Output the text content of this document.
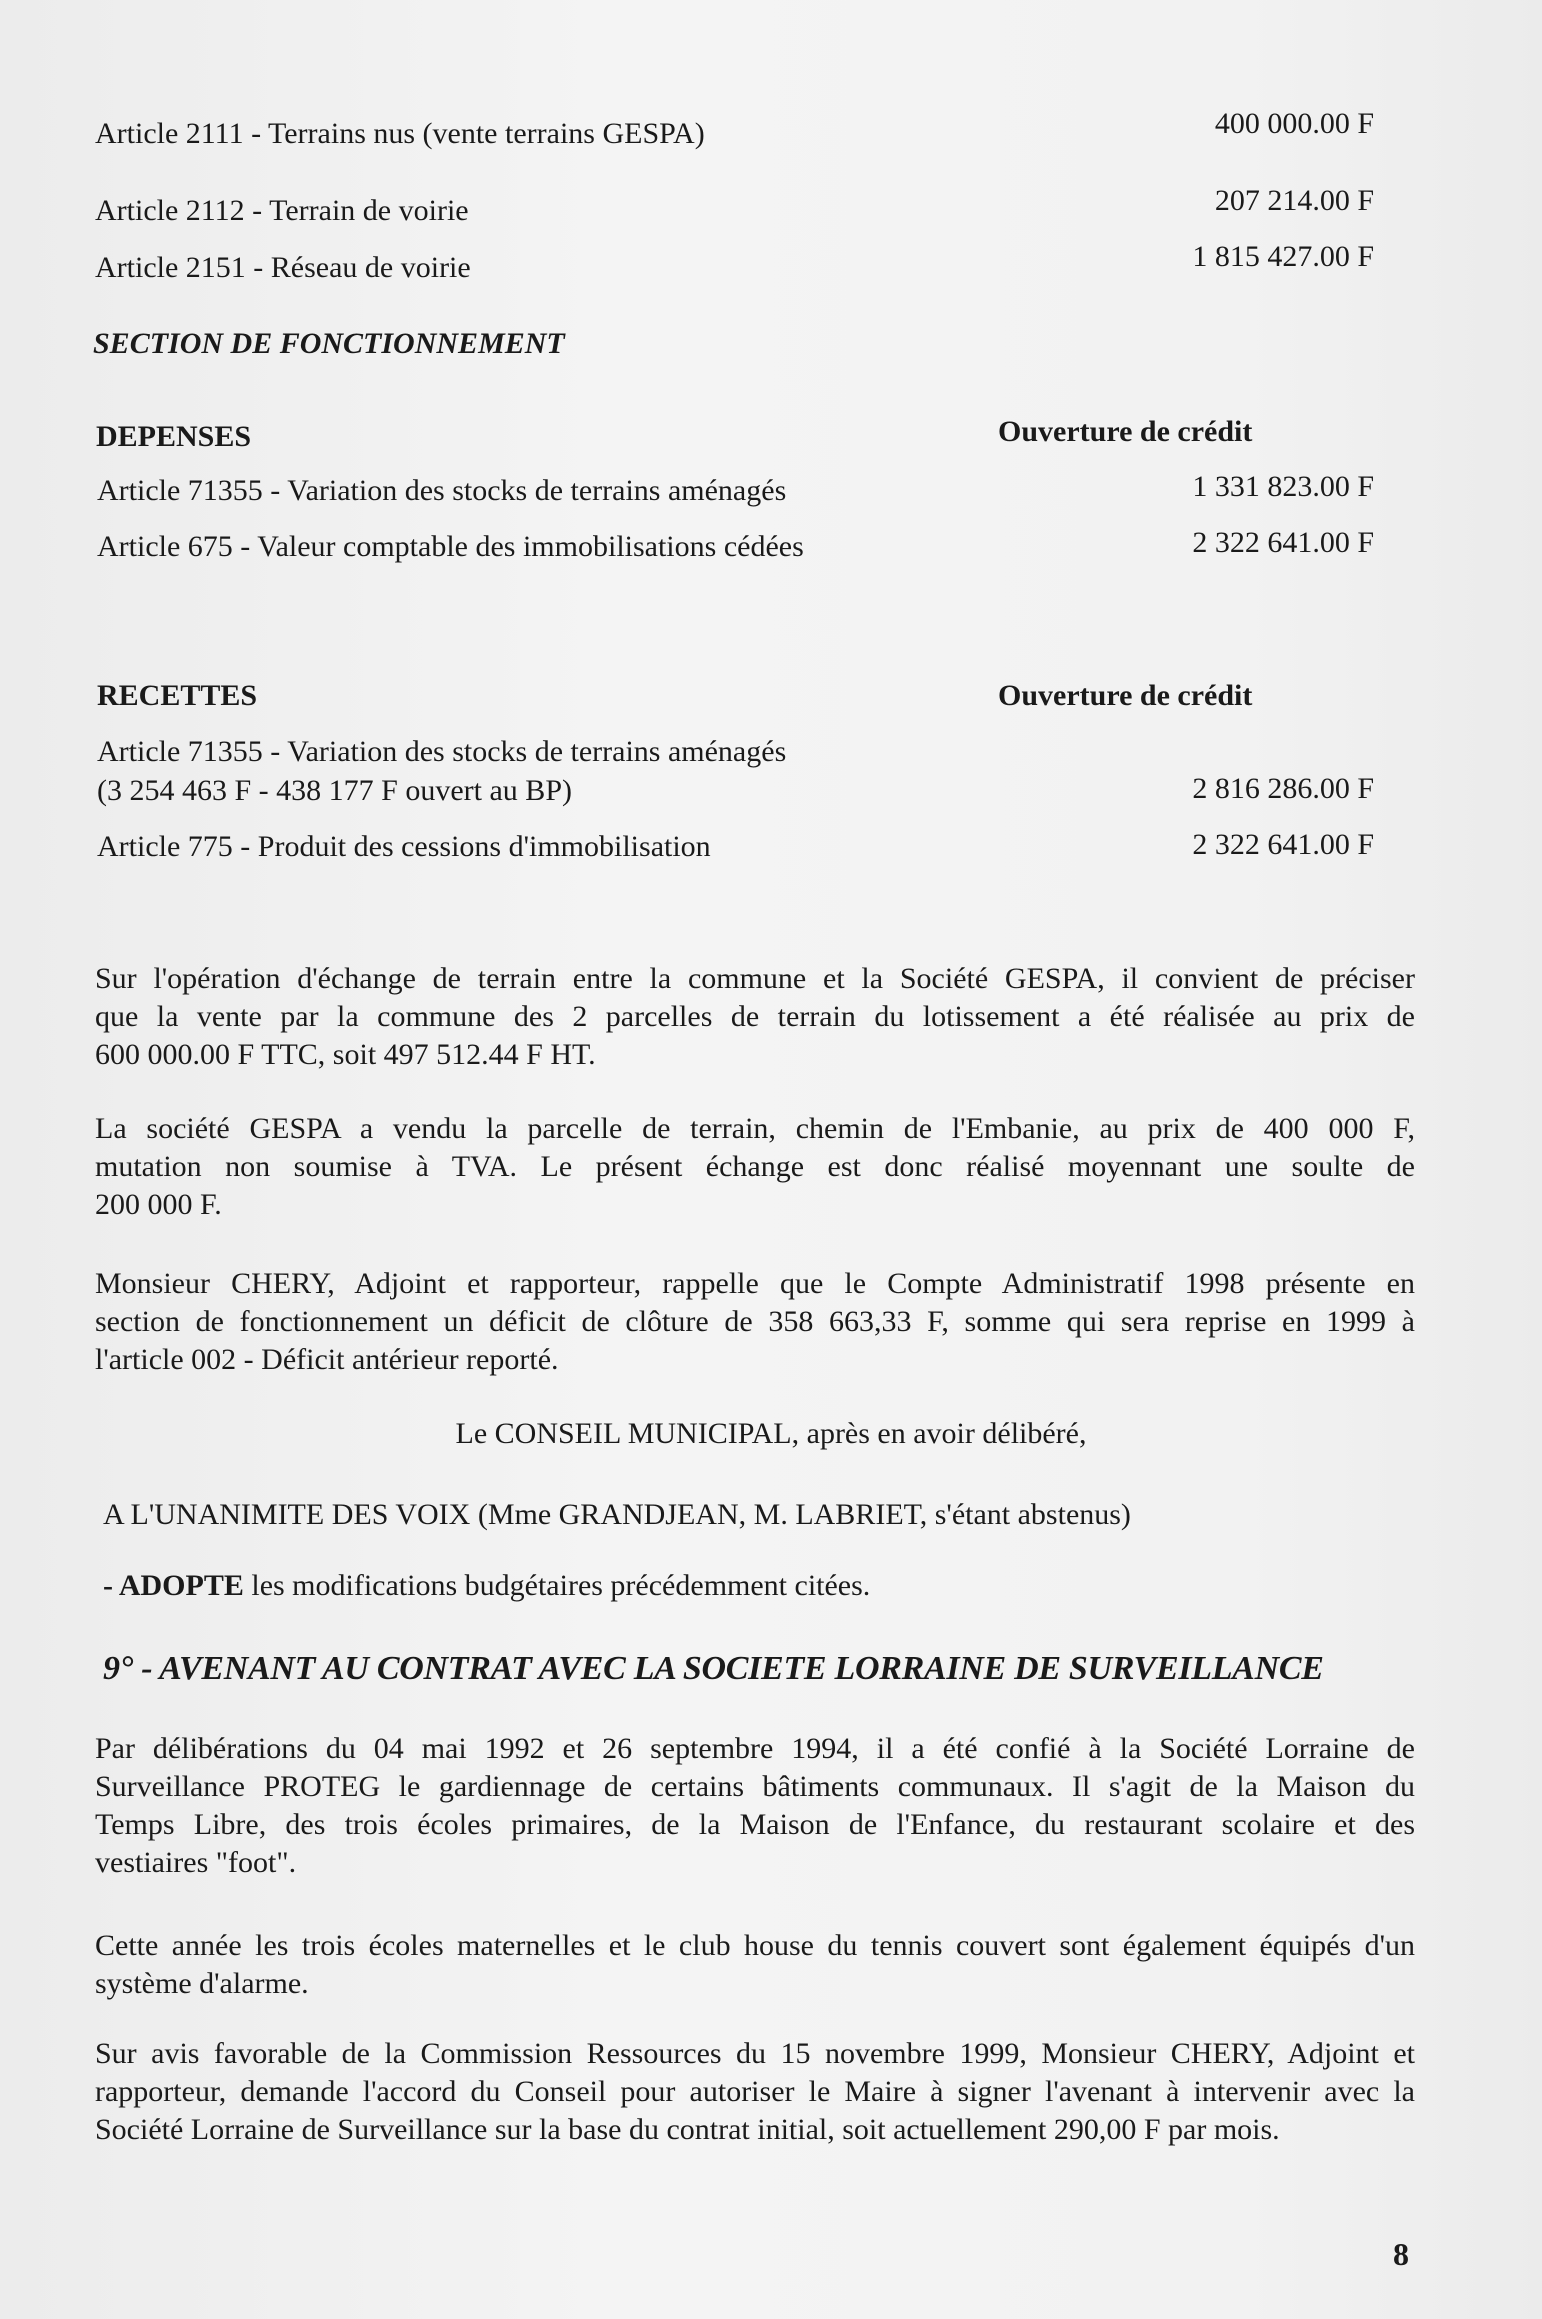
Article 2111 - Terrains nus (vente terrains GESPA)	400 000.00 F
Article 2112 - Terrain de voirie	207 214.00 F
Article 2151 - Réseau de voirie	1 815 427.00 F
SECTION DE FONCTIONNEMENT
DEPENSES	Ouverture de crédit
Article 71355 - Variation des stocks de terrains aménagés	1 331 823.00 F
Article 675 - Valeur comptable des immobilisations cédées	2 322 641.00 F
RECETTES	Ouverture de crédit
Article 71355 - Variation des stocks de terrains aménagés
(3 254 463 F - 438 177 F ouvert au BP)	2 816 286.00 F
Article 775 - Produit des cessions d'immobilisation	2 322 641.00 F
Sur l'opération d'échange de terrain entre la commune et la Société GESPA, il convient de préciser
que la vente par la commune des 2 parcelles de terrain du lotissement a été réalisée au prix de
600 000.00 F TTC, soit 497 512.44 F HT.
La société GESPA a vendu la parcelle de terrain, chemin de l'Embanie, au prix de 400 000 F,
mutation non soumise à TVA. Le présent échange est donc réalisé moyennant une soulte de
200 000 F.
Monsieur CHERY, Adjoint et rapporteur, rappelle que le Compte Administratif 1998 présente en
section de fonctionnement un déficit de clôture de 358 663,33 F, somme qui sera reprise en 1999 à
l'article 002 - Déficit antérieur reporté.
Le CONSEIL MUNICIPAL, après en avoir délibéré,
A L'UNANIMITE DES VOIX (Mme GRANDJEAN, M. LABRIET, s'étant abstenus)
- ADOPTE les modifications budgétaires précédemment citées.
9° - AVENANT AU CONTRAT AVEC LA SOCIETE LORRAINE DE SURVEILLANCE
Par délibérations du 04 mai 1992 et 26 septembre 1994, il a été confié à la Société Lorraine de
Surveillance PROTEG le gardiennage de certains bâtiments communaux. Il s'agit de la Maison du
Temps Libre, des trois écoles primaires, de la Maison de l'Enfance, du restaurant scolaire et des
vestiaires "foot".
Cette année les trois écoles maternelles et le club house du tennis couvert sont également équipés d'un
système d'alarme.
Sur avis favorable de la Commission Ressources du 15 novembre 1999, Monsieur CHERY, Adjoint et
rapporteur, demande l'accord du Conseil pour autoriser le Maire à signer l'avenant à intervenir avec la
Société Lorraine de Surveillance sur la base du contrat initial, soit actuellement 290,00 F par mois.
8
